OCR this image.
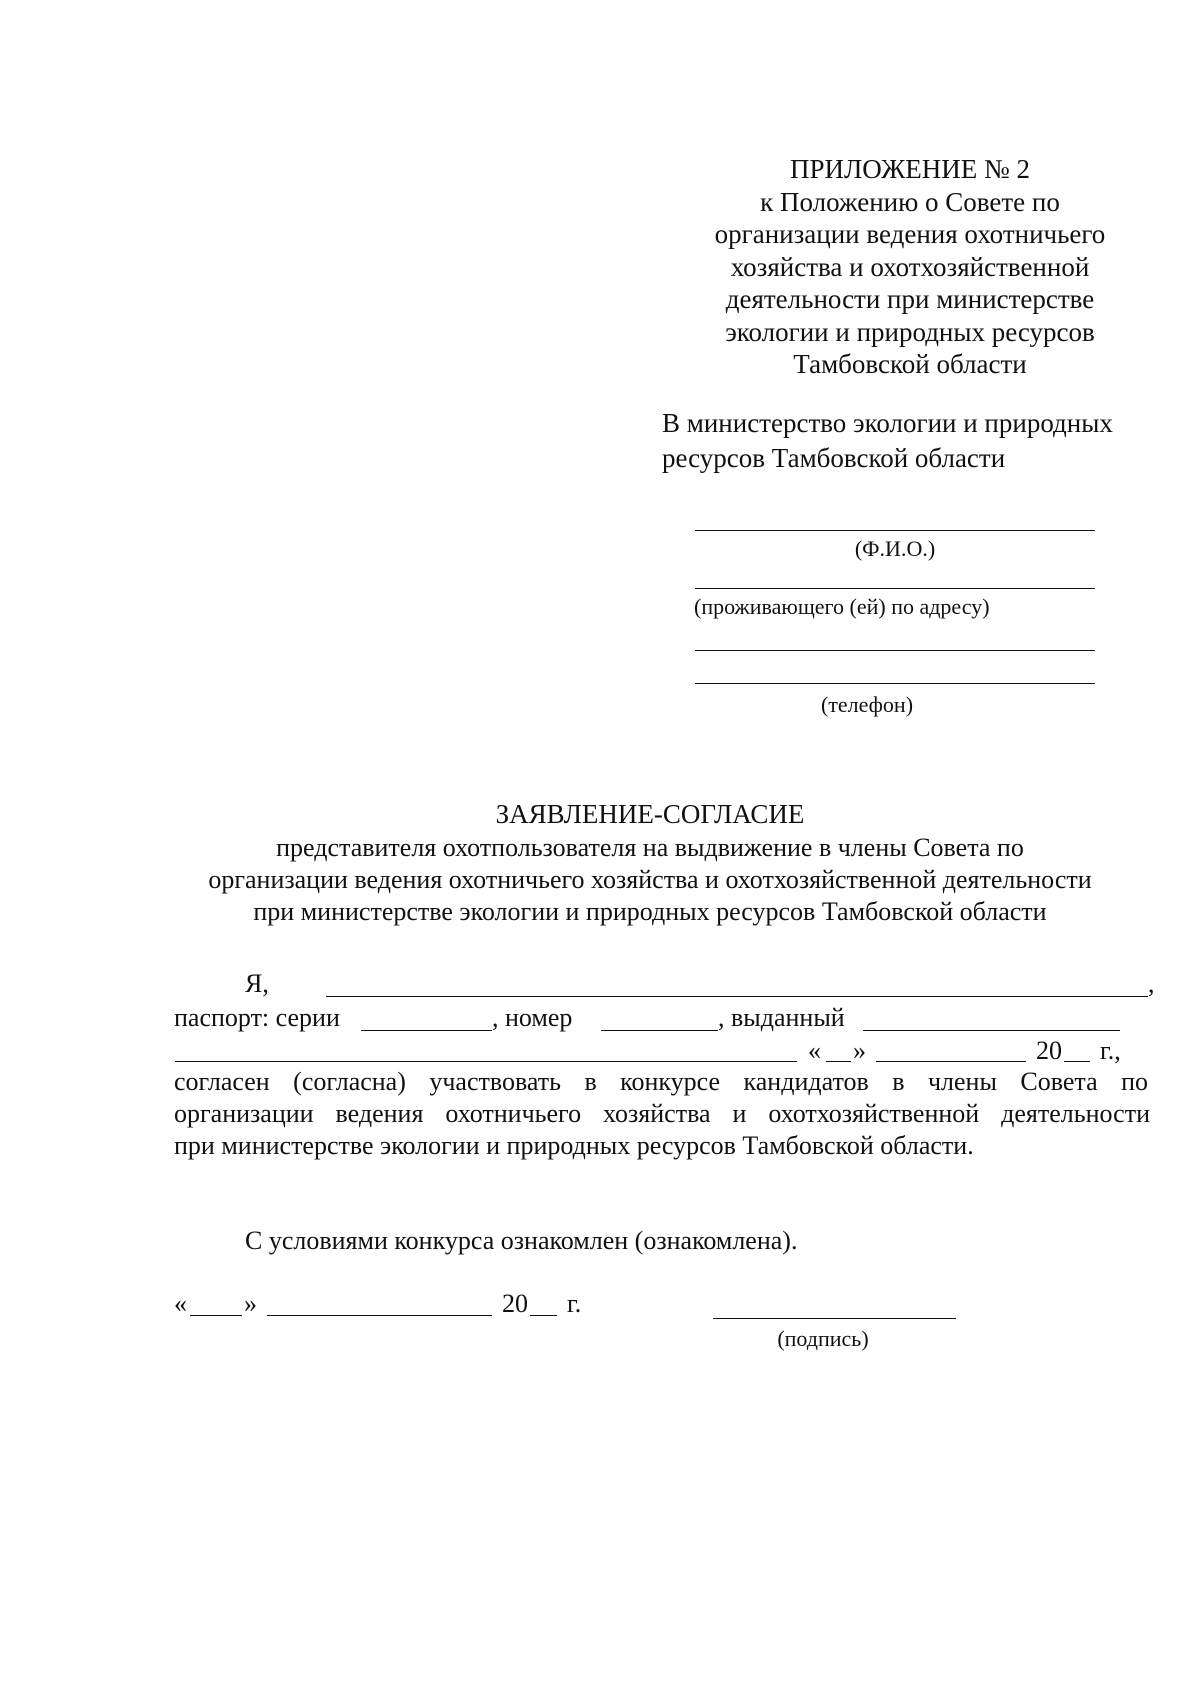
ПРИЛОЖЕНИЕ № 2
к Положению о Совете по
организации ведения охотничьего
хозяйства и охотхозяйственной
деятельности при министерстве
экологии и природных ресурсов
Тамбовской области
В министерство экологии и природных
ресурсов Тамбовской области
(Ф.И.О.)
(проживающего (ей) по адресу)
(телефон)
ЗАЯВЛЕНИЕ-СОГЛАСИЕ
представителя охотпользователя на выдвижение в члены Совета по
организации ведения охотничьего хозяйства и охотхозяйственной деятельности
при министерстве экологии и природных ресурсов Тамбовской области
Я,	,
паспорт: серии	, номер	, выданный
« »	20 г.,
согласен (согласна) участвовать в конкурсе кандидатов в члены Совета по
организации ведения охотничьего хозяйства и охотхозяйственной деятельности
при министерстве экологии и природных ресурсов Тамбовской области.
С условиями конкурса ознакомлен (ознакомлена).
« »	20 г.
(подпись)
